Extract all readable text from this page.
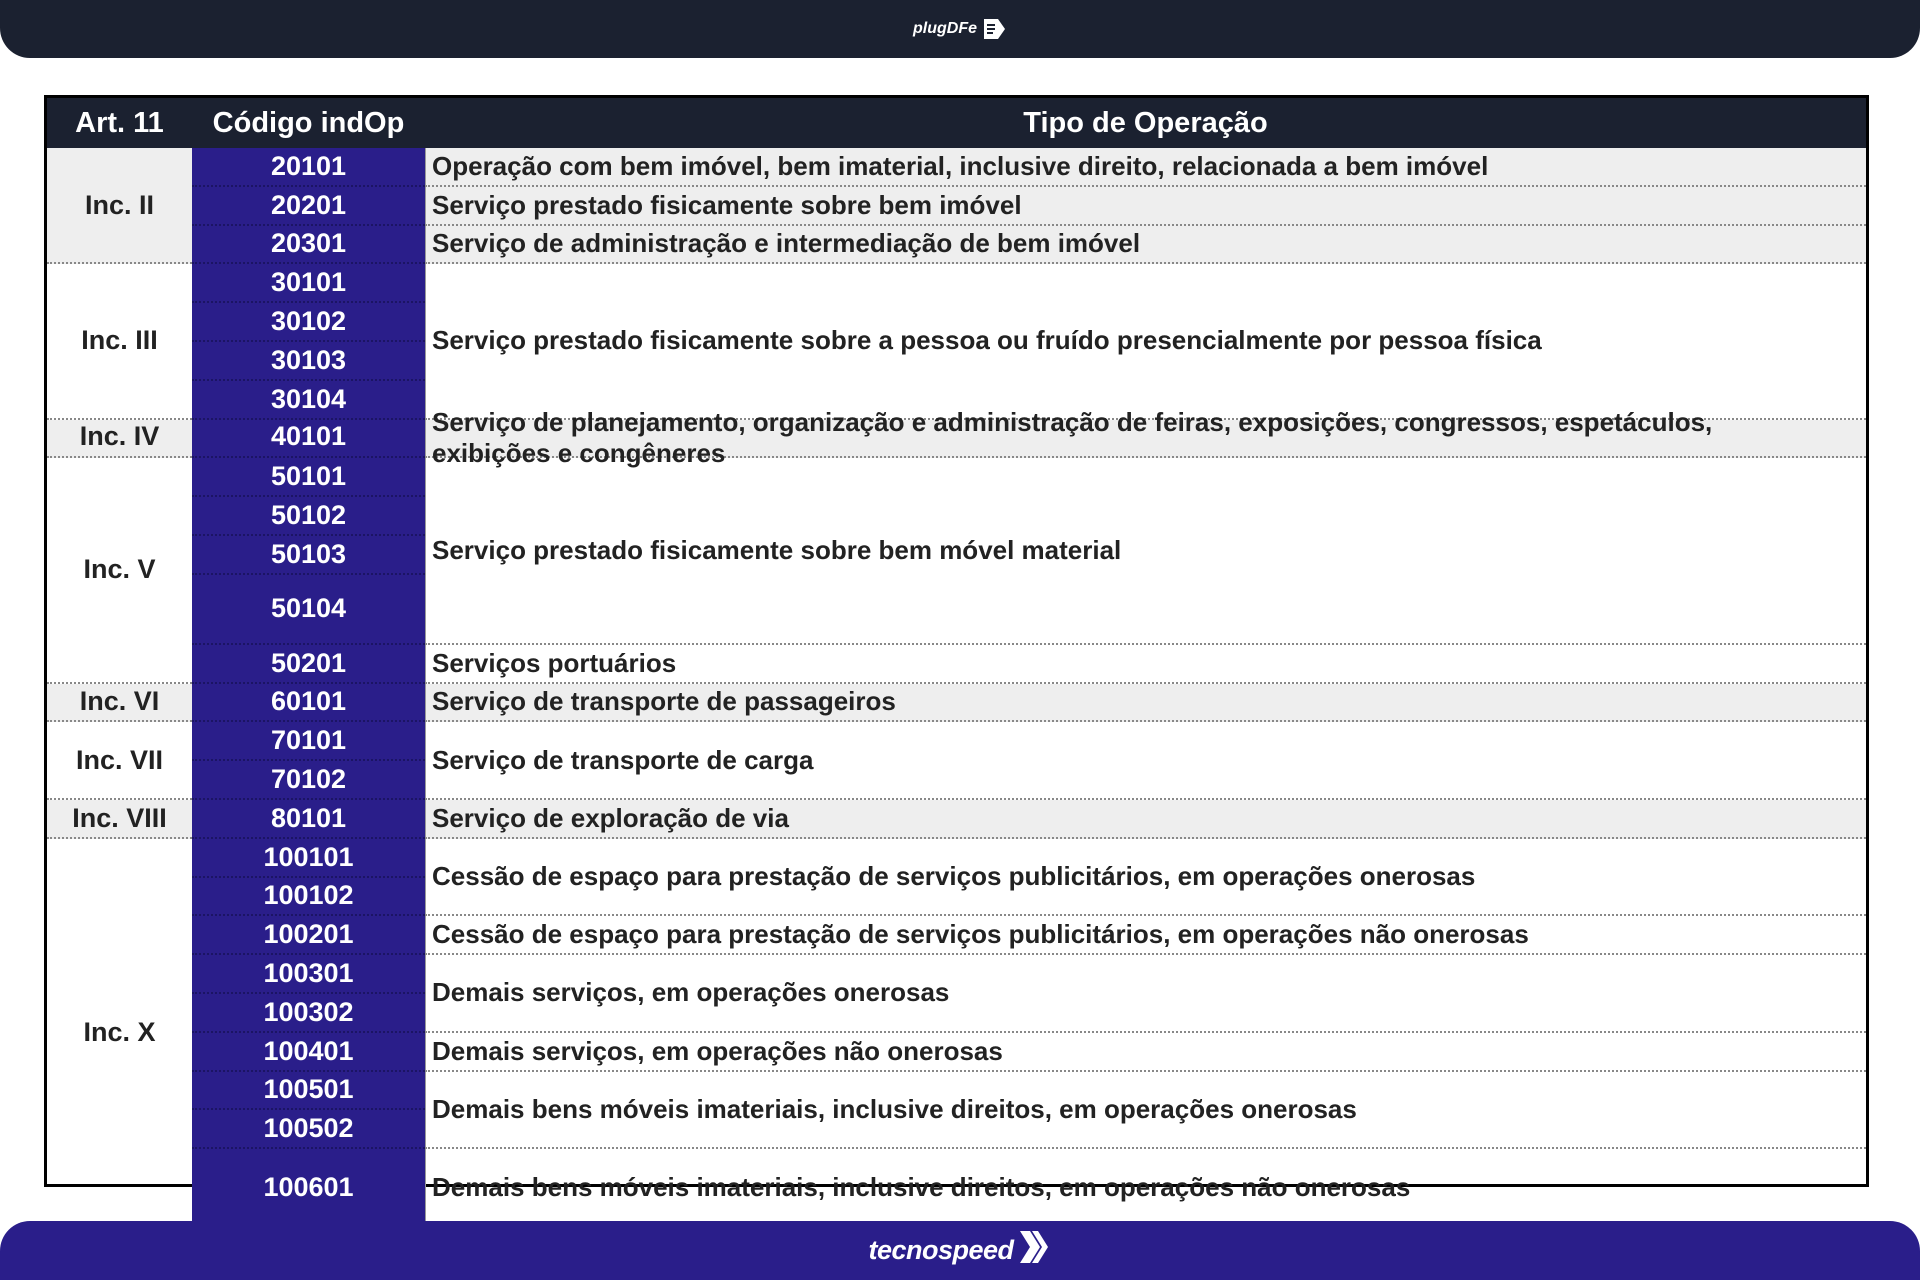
plugDFe
Art. 11	Código indOp	Tipo de Operação
Inc. II
Inc. III
Inc. IV
Inc. V
Inc. VI
Inc. VII
Inc. VIII
Inc. X
20101
20201
20301
30101
30102
30103
30104
40101
50101
50102
50103
50104
50201
60101
70101
70102
80101
100101
100102
100201
100301
100302
100401
100501
100502
100601
Operação com bem imóvel, bem imaterial, inclusive direito, relacionada a bem imóvel
Serviço prestado fisicamente sobre bem imóvel
Serviço de administração e intermediação de bem imóvel
Serviço prestado fisicamente sobre a pessoa ou fruído presencialmente por pessoa física
Serviço de planejamento, organização e administração de feiras, exposições, congressos, espetáculos, exibições e congêneres
Serviço prestado fisicamente sobre bem móvel material
Serviços portuários
Serviço de transporte de passageiros
Serviço de transporte de carga
Serviço de exploração de via
Cessão de espaço para prestação de serviços publicitários, em operações onerosas
Cessão de espaço para prestação de serviços publicitários, em operações não onerosas
Demais serviços, em operações onerosas
Demais serviços, em operações não onerosas
Demais bens móveis imateriais, inclusive direitos, em operações onerosas
Demais bens móveis imateriais, inclusive direitos, em operações não onerosas
tecnospeed
